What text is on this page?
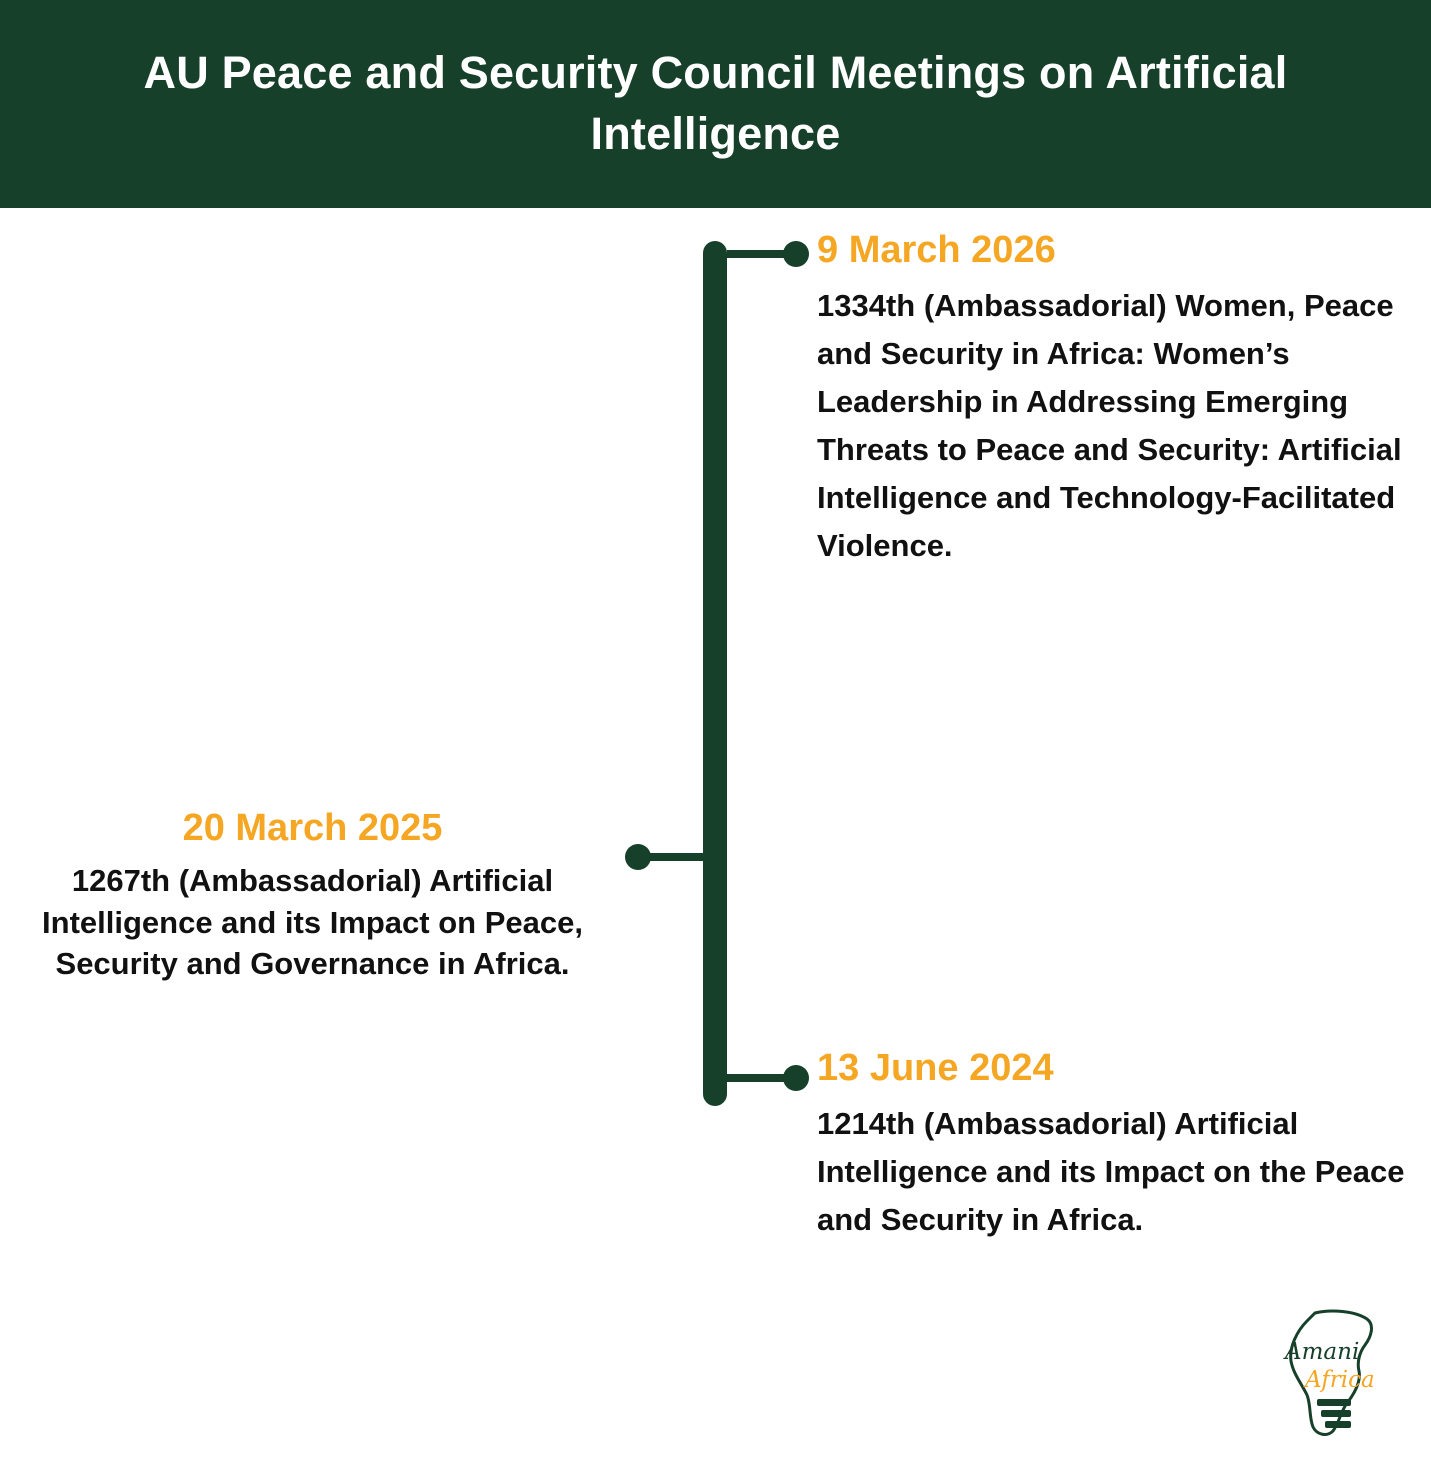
AU Peace and Security Council Meetings on Artificial Intelligence

9 March 2026

1334th (Ambassadorial) Women, Peace and Security in Africa: Women’s Leadership in Addressing Emerging Threats to Peace and Security: Artificial Intelligence and Technology-Facilitated Violence.

20 March 2025

1267th (Ambassadorial) Artificial Intelligence and its Impact on Peace, Security and Governance in Africa.

13 June 2024

1214th (Ambassadorial) Artificial Intelligence and its Impact on the Peace and Security in Africa.

Amani
Africa
